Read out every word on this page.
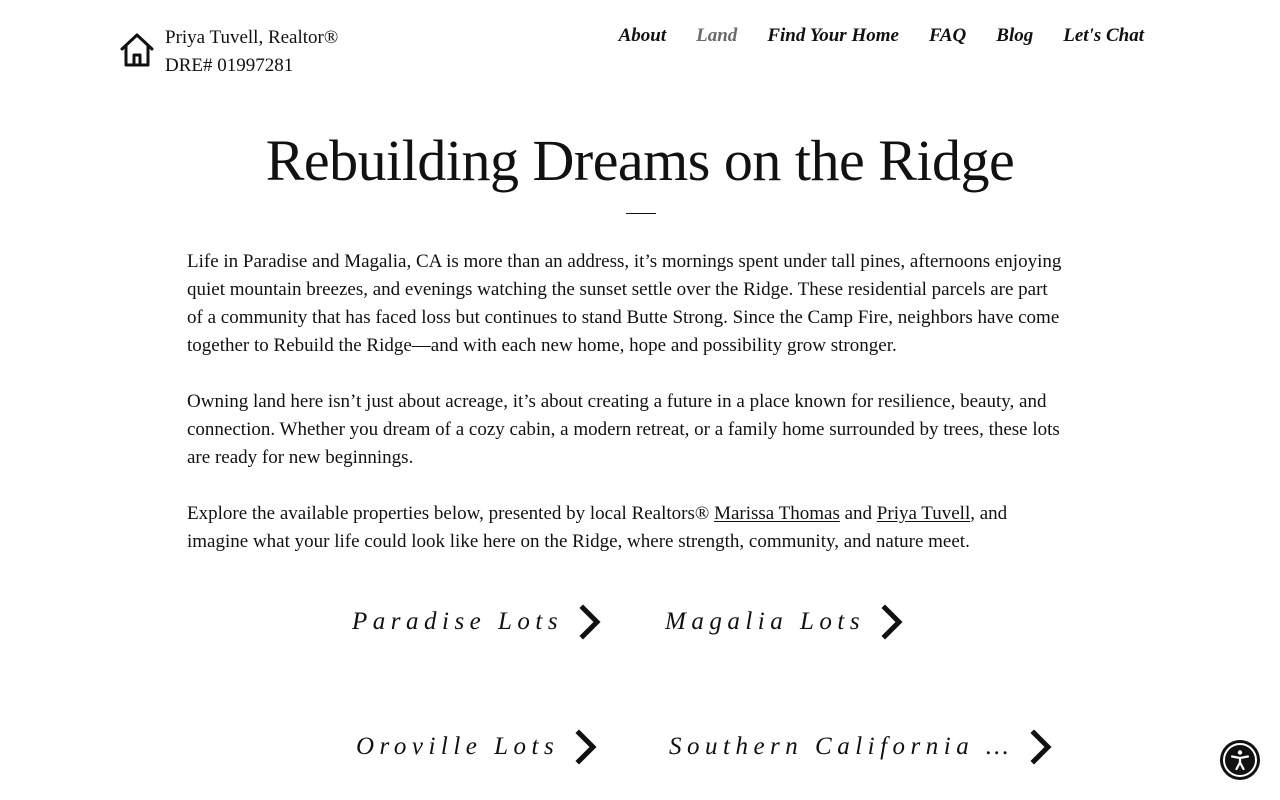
Priya Tuvell, Realtor®
DRE# 01997281
About Land Find Your Home FAQ Blog Let's Chat
Rebuilding Dreams on the Ridge

Life in Paradise and Magalia, CA is more than an address, it’s mornings spent under tall pines, afternoons enjoying quiet mountain breezes, and evenings watching the sunset settle over the Ridge. These residential parcels are part of a community that has faced loss but continues to stand Butte Strong. Since the Camp Fire, neighbors have come together to Rebuild the Ridge—and with each new home, hope and possibility grow stronger.

Owning land here isn’t just about acreage, it’s about creating a future in a place known for resilience, beauty, and connection. Whether you dream of a cozy cabin, a modern retreat, or a family home surrounded by trees, these lots are ready for new beginnings.

Explore the available properties below, presented by local Realtors® Marissa Thomas and Priya Tuvell, and imagine what your life could look like here on the Ridge, where strength, community, and nature meet.

Paradise Lots	Magalia Lots
Oroville Lots	Southern California …
